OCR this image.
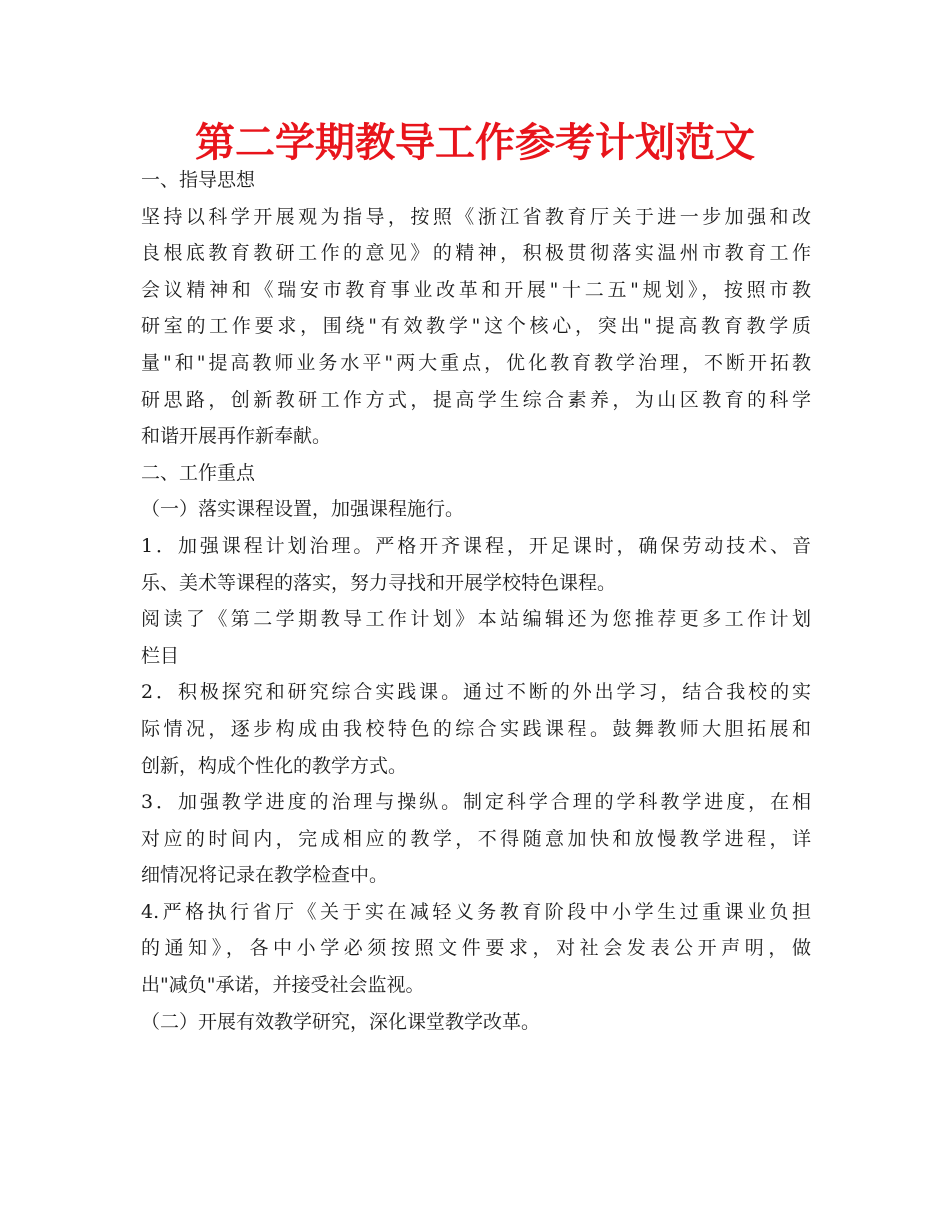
第二学期教导工作参考计划范文
一、指导思想
坚持以科学开展观为指导，按照《浙江省教育厅关于进一步加强和改
良根底教育教研工作的意见》的精神，积极贯彻落实温州市教育工作
会议精神和《瑞安市教育事业改革和开展"十二五"规划》，按照市教
研室的工作要求，围绕"有效教学"这个核心，突出"提高教育教学质
量"和"提高教师业务水平"两大重点，优化教育教学治理，不断开拓教
研思路，创新教研工作方式，提高学生综合素养，为山区教育的科学
和谐开展再作新奉献。
二、工作重点
（一）落实课程设置，加强课程施行。
1．加强课程计划治理。严格开齐课程，开足课时，确保劳动技术、音
乐、美术等课程的落实，努力寻找和开展学校特色课程。
阅读了《第二学期教导工作计划》本站编辑还为您推荐更多工作计划
栏目
2．积极探究和研究综合实践课。通过不断的外出学习，结合我校的实
际情况，逐步构成由我校特色的综合实践课程。鼓舞教师大胆拓展和
创新，构成个性化的教学方式。
3．加强教学进度的治理与操纵。制定科学合理的学科教学进度，在相
对应的时间内，完成相应的教学，不得随意加快和放慢教学进程，详
细情况将记录在教学检查中。
4.严格执行省厅《关于实在减轻义务教育阶段中小学生过重课业负担
的通知》，各中小学必须按照文件要求，对社会发表公开声明，做
出"减负"承诺，并接受社会监视。
（二）开展有效教学研究，深化课堂教学改革。
